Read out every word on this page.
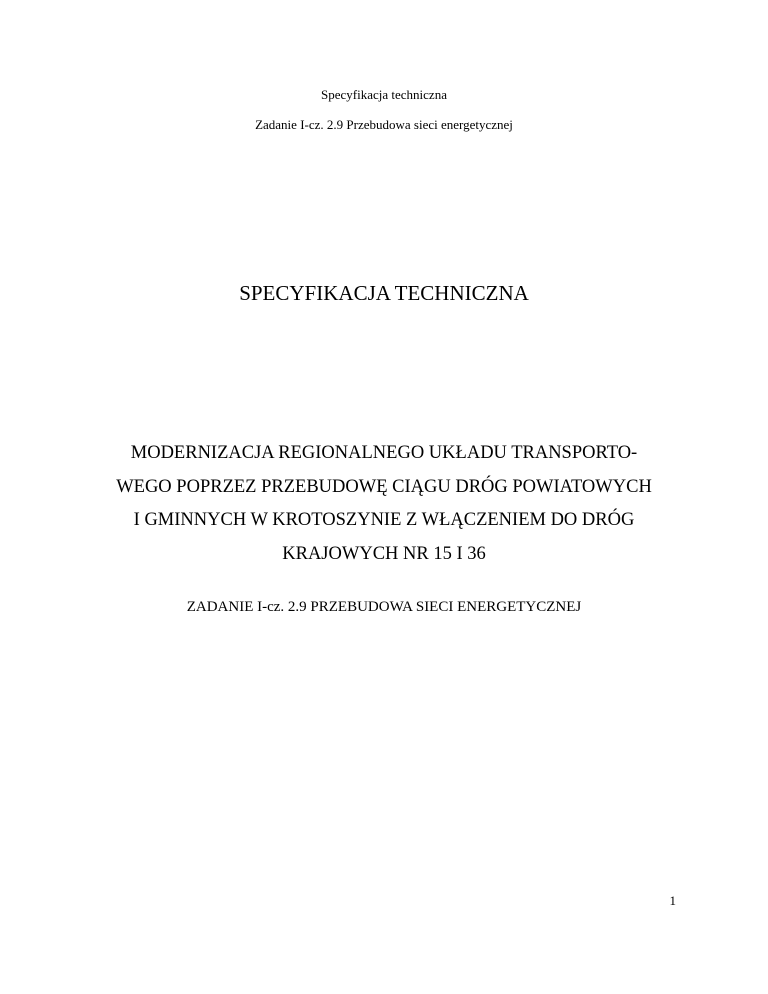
Specyfikacja techniczna
Zadanie I-cz. 2.9 Przebudowa sieci energetycznej
SPECYFIKACJA TECHNICZNA
MODERNIZACJA REGIONALNEGO UKŁADU TRANSPORTO-
WEGO POPRZEZ PRZEBUDOWĘ CIĄGU DRÓG POWIATOWYCH
I GMINNYCH W KROTOSZYNIE Z WŁĄCZENIEM DO DRÓG
KRAJOWYCH NR 15 I 36
ZADANIE I-cz. 2.9 PRZEBUDOWA SIECI ENERGETYCZNEJ
1
